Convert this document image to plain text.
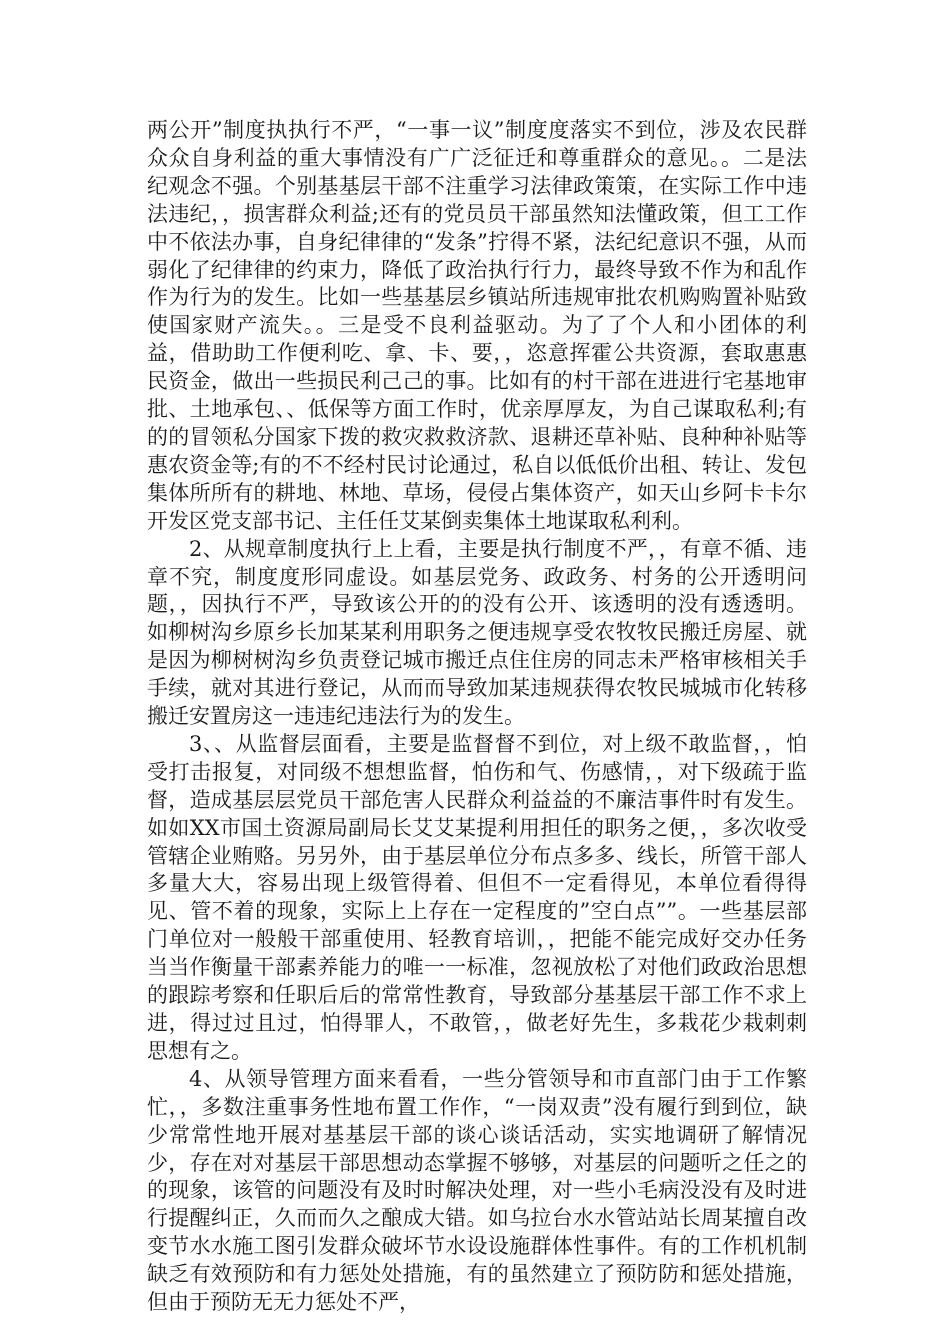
两公开”制度执执行不严，“一事一议”制度度落实不到位，涉及农民群众众自身利益的重大事情没有广广泛征迁和尊重群众的意见。。二是法纪观念不强。个别基基层干部不注重学习法律政策策，在实际工作中违法违纪，，损害群众利益;还有的党员员干部虽然知法懂政策，但工工作中不依法办事，自身纪律律的“发条”拧得不紧，法纪纪意识不强，从而弱化了纪律律的约束力，降低了政治执行行力，最终导致不作为和乱作作为行为的发生。比如一些基基层乡镇站所违规审批农机购购置补贴致使国家财产流失。。三是受不良利益驱动。为了了个人和小团体的利益，借助助工作便利吃、拿、卡、要，，恣意挥霍公共资源，套取惠惠民资金，做出一些损民利己己的事。比如有的村干部在进进行宅基地审批、土地承包、、低保等方面工作时，优亲厚厚友，为自己谋取私利;有的的冒领私分国家下拨的救灾救救济款、退耕还草补贴、良种种补贴等惠农资金等;有的不不经村民讨论通过，私自以低低价出租、转让、发包集体所所有的耕地、林地、草场，侵侵占集体资产，如天山乡阿卡卡尔开发区党支部书记、主任任艾某倒卖集体土地谋取私利利。

2、从规章制度执行上上看，主要是执行制度不严，，有章不循、违章不究，制度度形同虚设。如基层党务、政政务、村务的公开透明问题，，因执行不严，导致该公开的的没有公开、该透明的没有透透明。如柳树沟乡原乡长加某某利用职务之便违规享受农牧牧民搬迁房屋、就是因为柳树树沟乡负责登记城市搬迁点住住房的同志未严格审核相关手手续，就对其进行登记，从而而导致加某违规获得农牧民城城市化转移搬迁安置房这一违违纪违法行为的发生。

3、、从监督层面看，主要是监督督不到位，对上级不敢监督，，怕受打击报复，对同级不想想监督，怕伤和气、伤感情，，对下级疏于监督，造成基层层党员干部危害人民群众利益益的不廉洁事件时有发生。如如XX市国土资源局副局长艾艾某提利用担任的职务之便，，多次收受管辖企业贿赂。另另外，由于基层单位分布点多多、线长，所管干部人多量大大，容易出现上级管得着、但但不一定看得见，本单位看得得见、管不着的现象，实际上上存在一定程度的”空白点””。一些基层部门单位对一般般干部重使用、轻教育培训，，把能不能完成好交办任务当当作衡量干部素养能力的唯一一标准，忽视放松了对他们政政治思想的跟踪考察和任职后后的常常性教育，导致部分基基层干部工作不求上进，得过过且过，怕得罪人，不敢管，，做老好先生，多栽花少栽刺刺思想有之。

4、从领导管理方面来看看，一些分管领导和市直部门由于工作繁忙，，多数注重事务性地布置工作作，“一岗双责”没有履行到到位，缺少常常性地开展对基基层干部的谈心谈话活动，实实地调研了解情况少，存在对对基层干部思想动态掌握不够够，对基层的问题听之任之的的现象，该管的问题没有及时时解决处理，对一些小毛病没没有及时进行提醒纠正，久而而久之酿成大错。如乌拉台水水管站站长周某擅自改变节水水施工图引发群众破坏节水设设施群体性事件。有的工作机机制缺乏有效预防和有力惩处处措施，有的虽然建立了预防防和惩处措施，但由于预防无无力惩处不严，
